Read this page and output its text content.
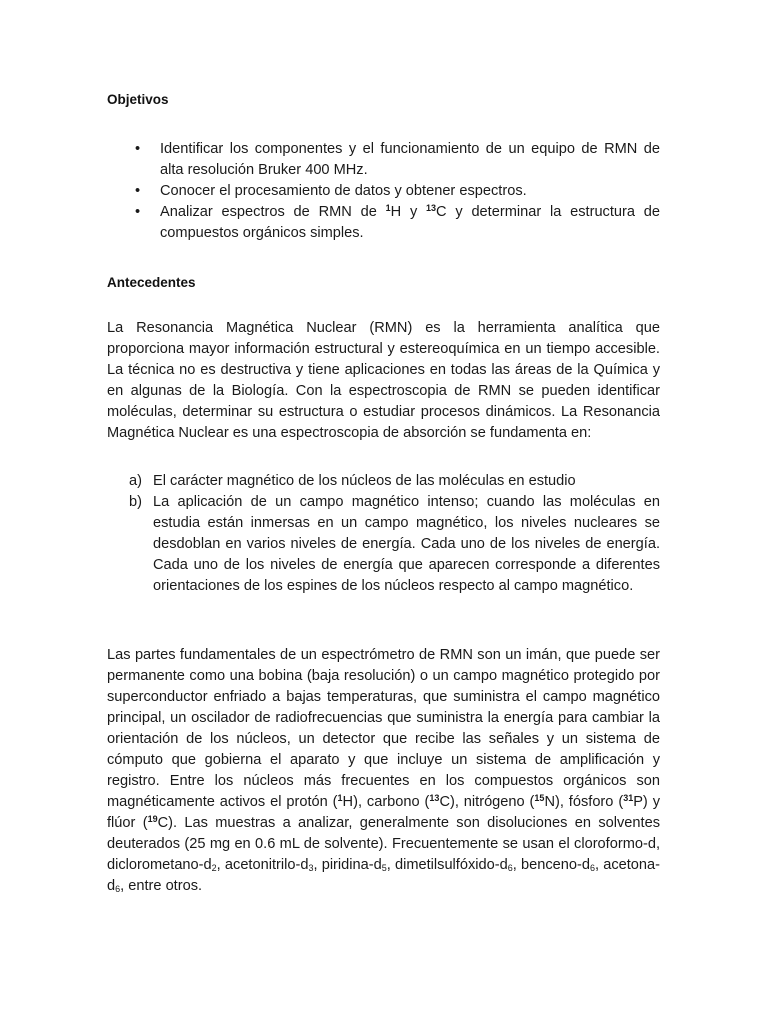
Objetivos
• Identificar los componentes y el funcionamiento de un equipo de RMN de alta resolución Bruker 400 MHz.
• Conocer el procesamiento de datos y obtener espectros.
• Analizar espectros de RMN de $^1$H y $^{13}$C y determinar la estructura de compuestos orgánicos simples.
Antecedentes

La Resonancia Magnética Nuclear (RMN) es la herramienta analítica que proporciona mayor información estructural y estereoquímica en un tiempo accesible. La técnica no es destructiva y tiene aplicaciones en todas las áreas de la Química y en algunas de la Biología. Con la espectroscopia de RMN se pueden identificar moléculas, determinar su estructura o estudiar procesos dinámicos. La Resonancia Magnética Nuclear es una espectroscopia de absorción se fundamenta en:

a) El carácter magnético de los núcleos de las moléculas en estudio
b) La aplicación de un campo magnético intenso; cuando las moléculas en estudia están inmersas en un campo magnético, los niveles nucleares se desdoblan en varios niveles de energía. Cada uno de los niveles de energía. Cada uno de los niveles de energía que aparecen corresponde a diferentes orientaciones de los espines de los núcleos respecto al campo magnético.

Las partes fundamentales de un espectrómetro de RMN son un imán, que puede ser permanente como una bobina (baja resolución) o un campo magnético protegido por superconductor enfriado a bajas temperaturas, que suministra el campo magnético principal, un oscilador de radiofrecuencias que suministra la energía para cambiar la orientación de los núcleos, un detector que recibe las señales y un sistema de cómputo que gobierna el aparato y que incluye un sistema de amplificación y registro. Entre los núcleos más frecuentes en los compuestos orgánicos son magnéticamente activos el protón ($^1$H), carbono ($^{13}$C), nitrógeno ($^{15}$N), fósforo ($^{31}$P) y flúor ($^{19}$C). Las muestras a analizar, generalmente son disoluciones en solventes deuterados (25 mg en 0.6 mL de solvente). Frecuentemente se usan el cloroformo-d, diclorometano-$d_2$, acetonitrilo-$d_3$, piridina-$d_5$, dimetilsulfóxido-$d_6$, benceno-$d_6$, acetona-$d_6$, entre otros.
